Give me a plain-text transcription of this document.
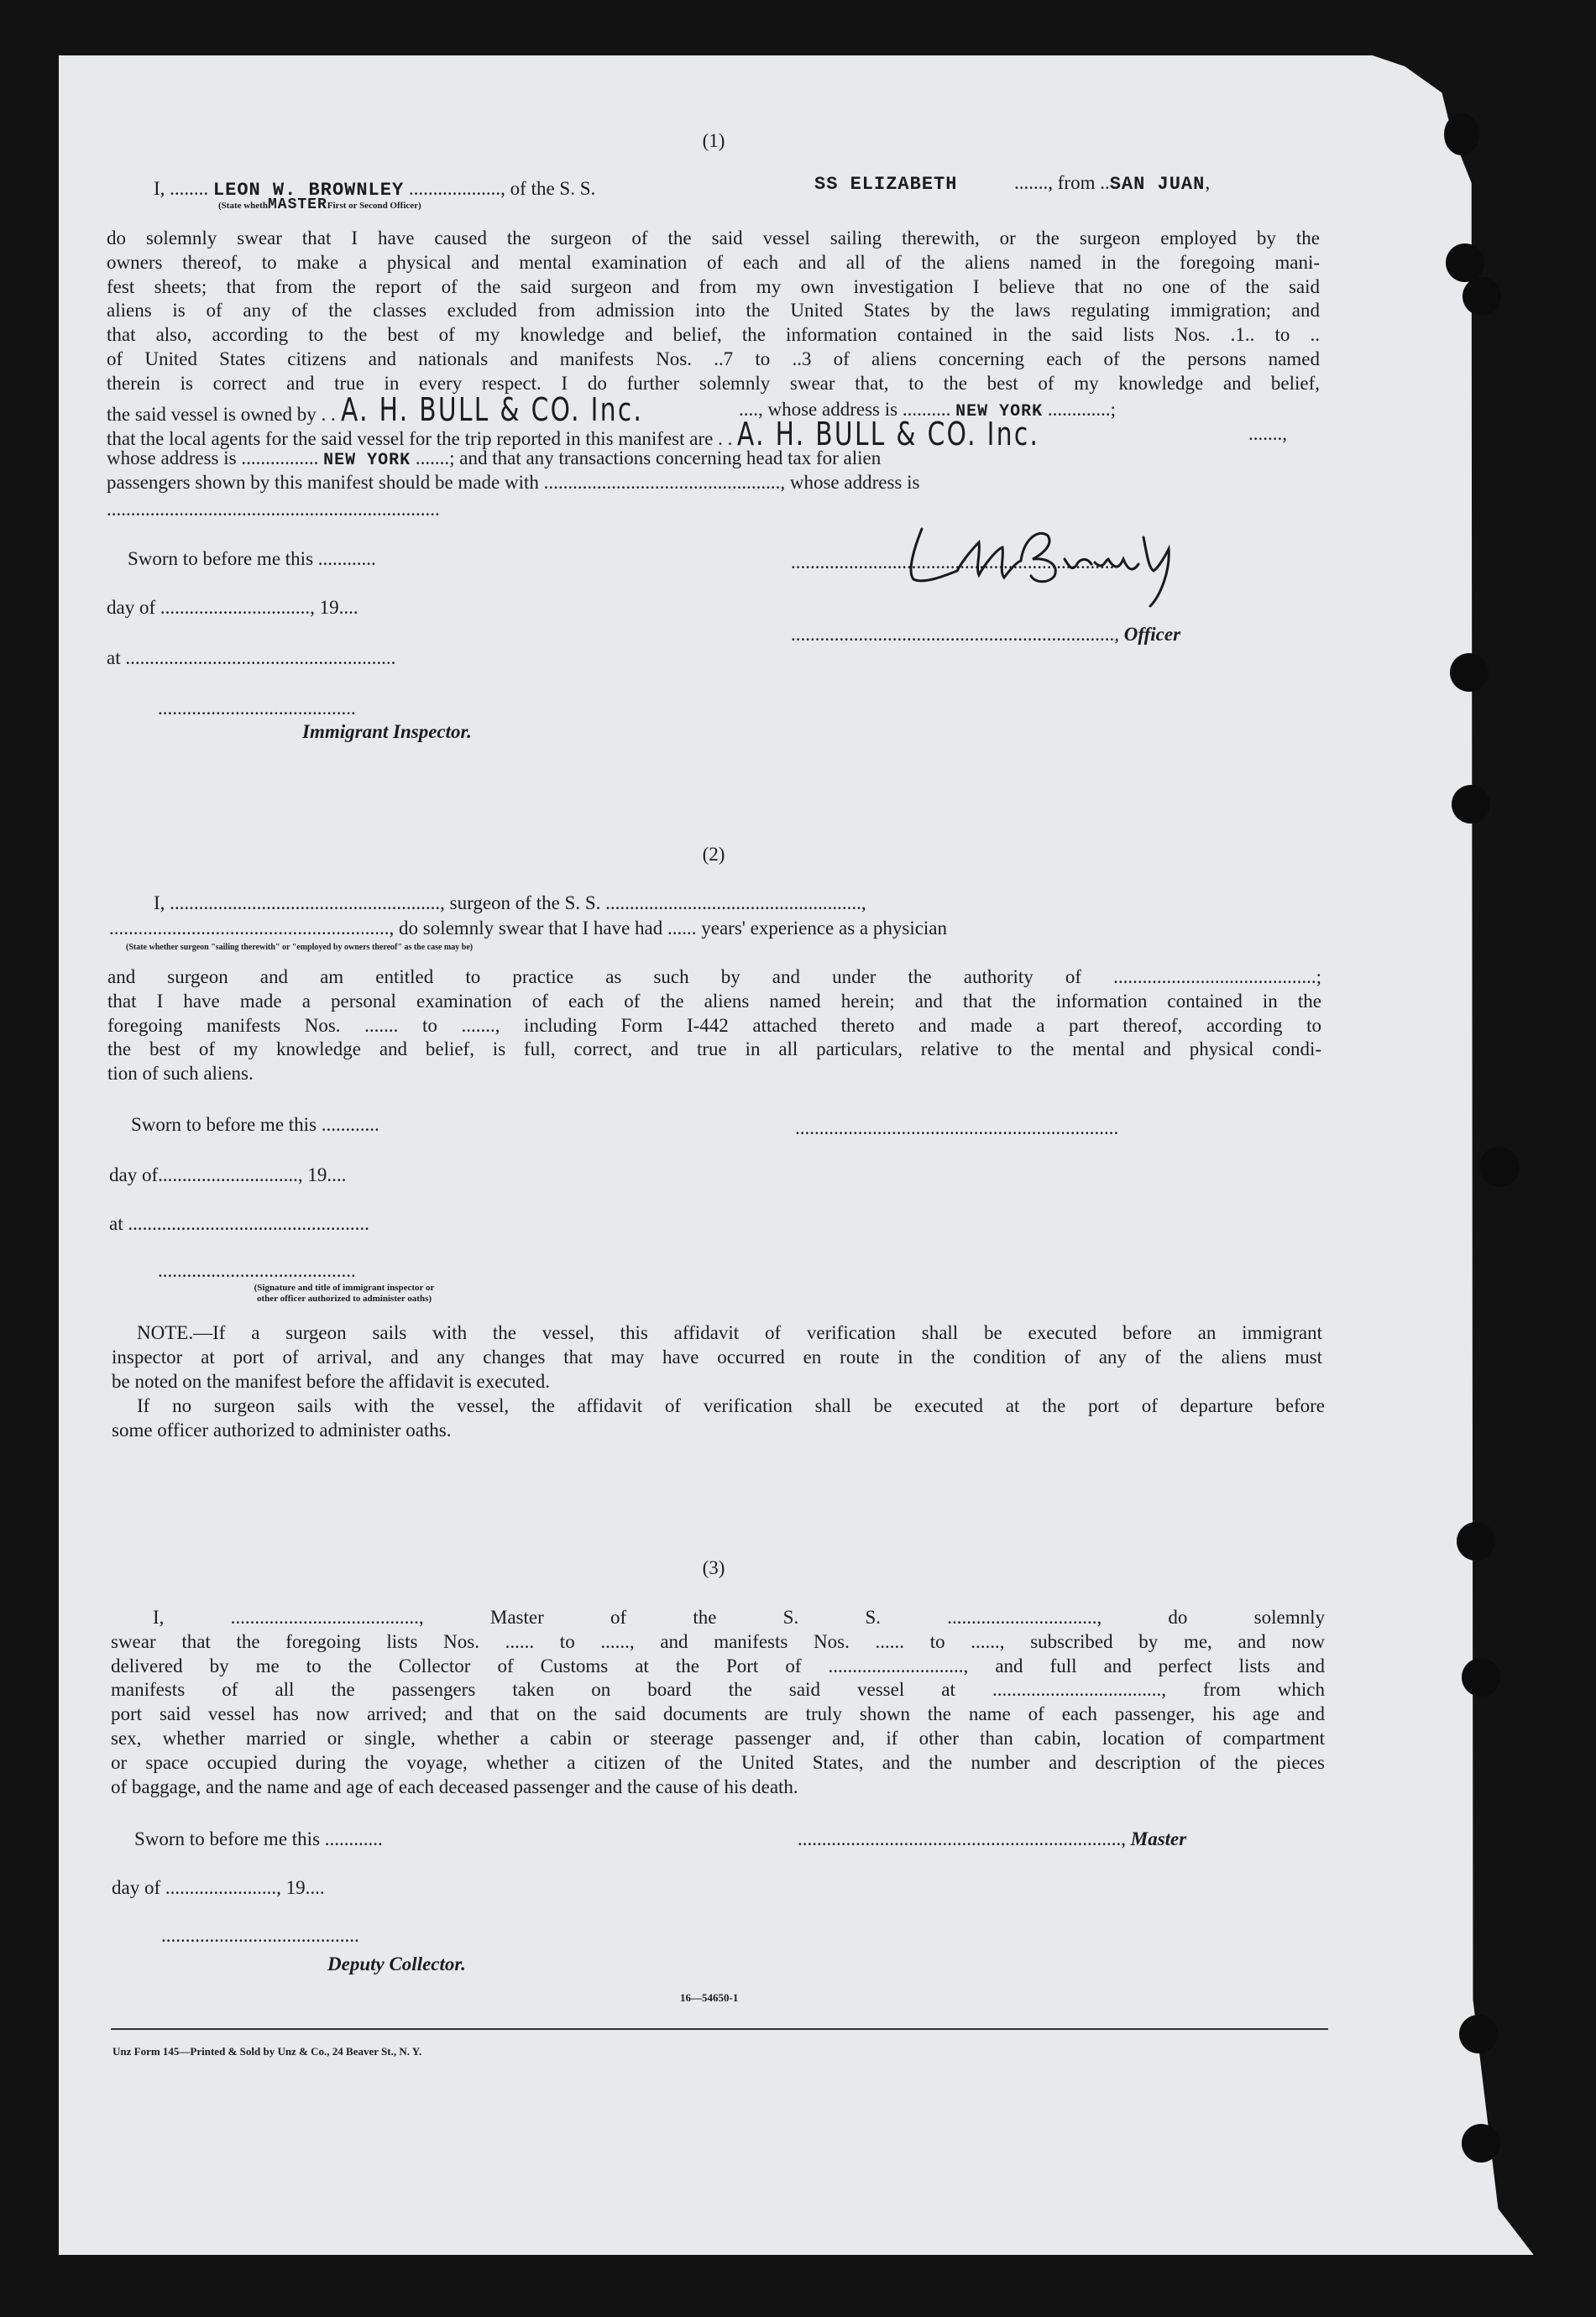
(1)
I, ........ LEON W. BROWNLEY ..................., of the S. S.	SS ELIZABETH	......., from ..SAN JUAN,
(State whethMASTERFirst or Second Officer)
do solemnly swear that I have caused the surgeon of the said vessel sailing therewith, or the surgeon employed by the
owners thereof, to make a physical and mental examination of each and all of the aliens named in the foregoing mani-
fest sheets; that from the report of the said surgeon and from my own investigation I believe that no one of the said
aliens is of any of the classes excluded from admission into the United States by the laws regulating immigration; and
that also, according to the best of my knowledge and belief, the information contained in the said lists Nos. .1.. to ..
of United States citizens and nationals and manifests Nos. ..7 to ..3 of aliens concerning each of the persons named
therein is correct and true in every respect. I do further solemnly swear that, to the best of my knowledge and belief,
the said vessel is owned by . . A. H. BULL & CO. Inc.	...., whose address is .......... NEW YORK .............;
that the local agents for the said vessel for the trip reported in this manifest are . . A. H. BULL & CO. Inc.	.......,
whose address is ................ NEW YORK .......; and that any transactions concerning head tax for alien
passengers shown by this manifest should be made with ................................................., whose address is
.....................................................................
Sworn to before me this ............
day of ..............................., 19....
at ........................................................
.........................................
Immigrant Inspector.
...................................................................
..................................................................., Officer
(2)
I, ........................................................, surgeon of the S. S. .....................................................,
.........................................................., do solemnly swear that I have had ...... years' experience as a physician
(State whether surgeon "sailing therewith" or "employed by owners thereof" as the case may be)
and surgeon and am entitled to practice as such by and under the authority of ..........................................;
that I have made a personal examination of each of the aliens named herein; and that the information contained in the
foregoing manifests Nos. ....... to ......., including Form I-442 attached thereto and made a part thereof, according to
the best of my knowledge and belief, is full, correct, and true in all particulars, relative to the mental and physical condi-
tion of such aliens.
Sworn to before me this ............	...................................................................
day of............................., 19....
at ..................................................
.........................................
(Signature and title of immigrant inspector or
other officer authorized to administer oaths)
NOTE.—If a surgeon sails with the vessel, this affidavit of verification shall be executed before an immigrant
inspector at port of arrival, and any changes that may have occurred en route in the condition of any of the aliens must
be noted on the manifest before the affidavit is executed.
If no surgeon sails with the vessel, the affidavit of verification shall be executed at the port of departure before
some officer authorized to administer oaths.
(3)
I, ......................................., Master of the S. S. ..............................., do solemnly
swear that the foregoing lists Nos. ...... to ......, and manifests Nos. ...... to ......, subscribed by me, and now
delivered by me to the Collector of Customs at the Port of ............................, and full and perfect lists and
manifests of all the passengers taken on board the said vessel at ..................................., from which
port said vessel has now arrived; and that on the said documents are truly shown the name of each passenger, his age and
sex, whether married or single, whether a cabin or steerage passenger and, if other than cabin, location of compartment
or space occupied during the voyage, whether a citizen of the United States, and the number and description of the pieces
of baggage, and the name and age of each deceased passenger and the cause of his death.
Sworn to before me this ............	..................................................................., Master
day of ......................., 19....
.........................................
Deputy Collector.
16—54650-1
Unz Form 145—Printed & Sold by Unz & Co., 24 Beaver St., N. Y.
